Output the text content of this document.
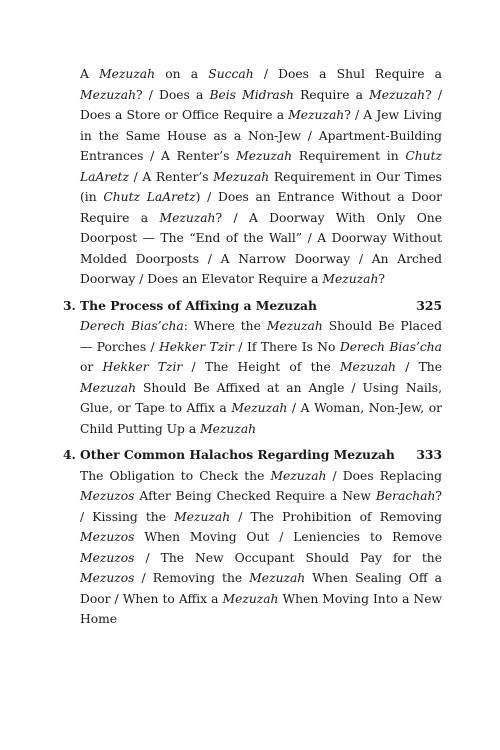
A Mezuzah on a Succah / Does a Shul Require a Mezuzah? / Does a Beis Midrash Require a Mezuzah? / Does a Store or Office Require a Mezuzah? / A Jew Living in the Same House as a Non-Jew / Apartment-Building Entrances / A Renter’s Mezuzah Requirement in Chutz LaAretz / A Renter’s Mezuzah Requirement in Our Times (in Chutz LaAretz) / Does an Entrance Without a Door Require a Mezuzah? / A Doorway With Only One Doorpost — The “End of the Wall” / A Doorway Without Molded Doorposts / A Narrow Doorway / An Arched Doorway / Does an Elevator Require a Mezuzah?
3. The Process of Affixing a Mezuzah	325
Derech Bias’cha: Where the Mezuzah Should Be Placed — Porches / Hekker Tzir / If There Is No Derech Bias’cha or Hekker Tzir / The Height of the Mezuzah / The Mezuzah Should Be Affixed at an Angle / Using Nails, Glue, or Tape to Affix a Mezuzah / A Woman, Non-Jew, or Child Putting Up a Mezuzah
4. Other Common Halachos Regarding Mezuzah	333
The Obligation to Check the Mezuzah / Does Replacing Mezuzos After Being Checked Require a New Berachah? / Kissing the Mezuzah / The Prohibition of Removing Mezuzos When Moving Out / Leniencies to Remove Mezuzos / The New Occupant Should Pay for the Mezuzos / Removing the Mezuzah When Sealing Off a Door / When to Affix a Mezuzah When Moving Into a New Home
